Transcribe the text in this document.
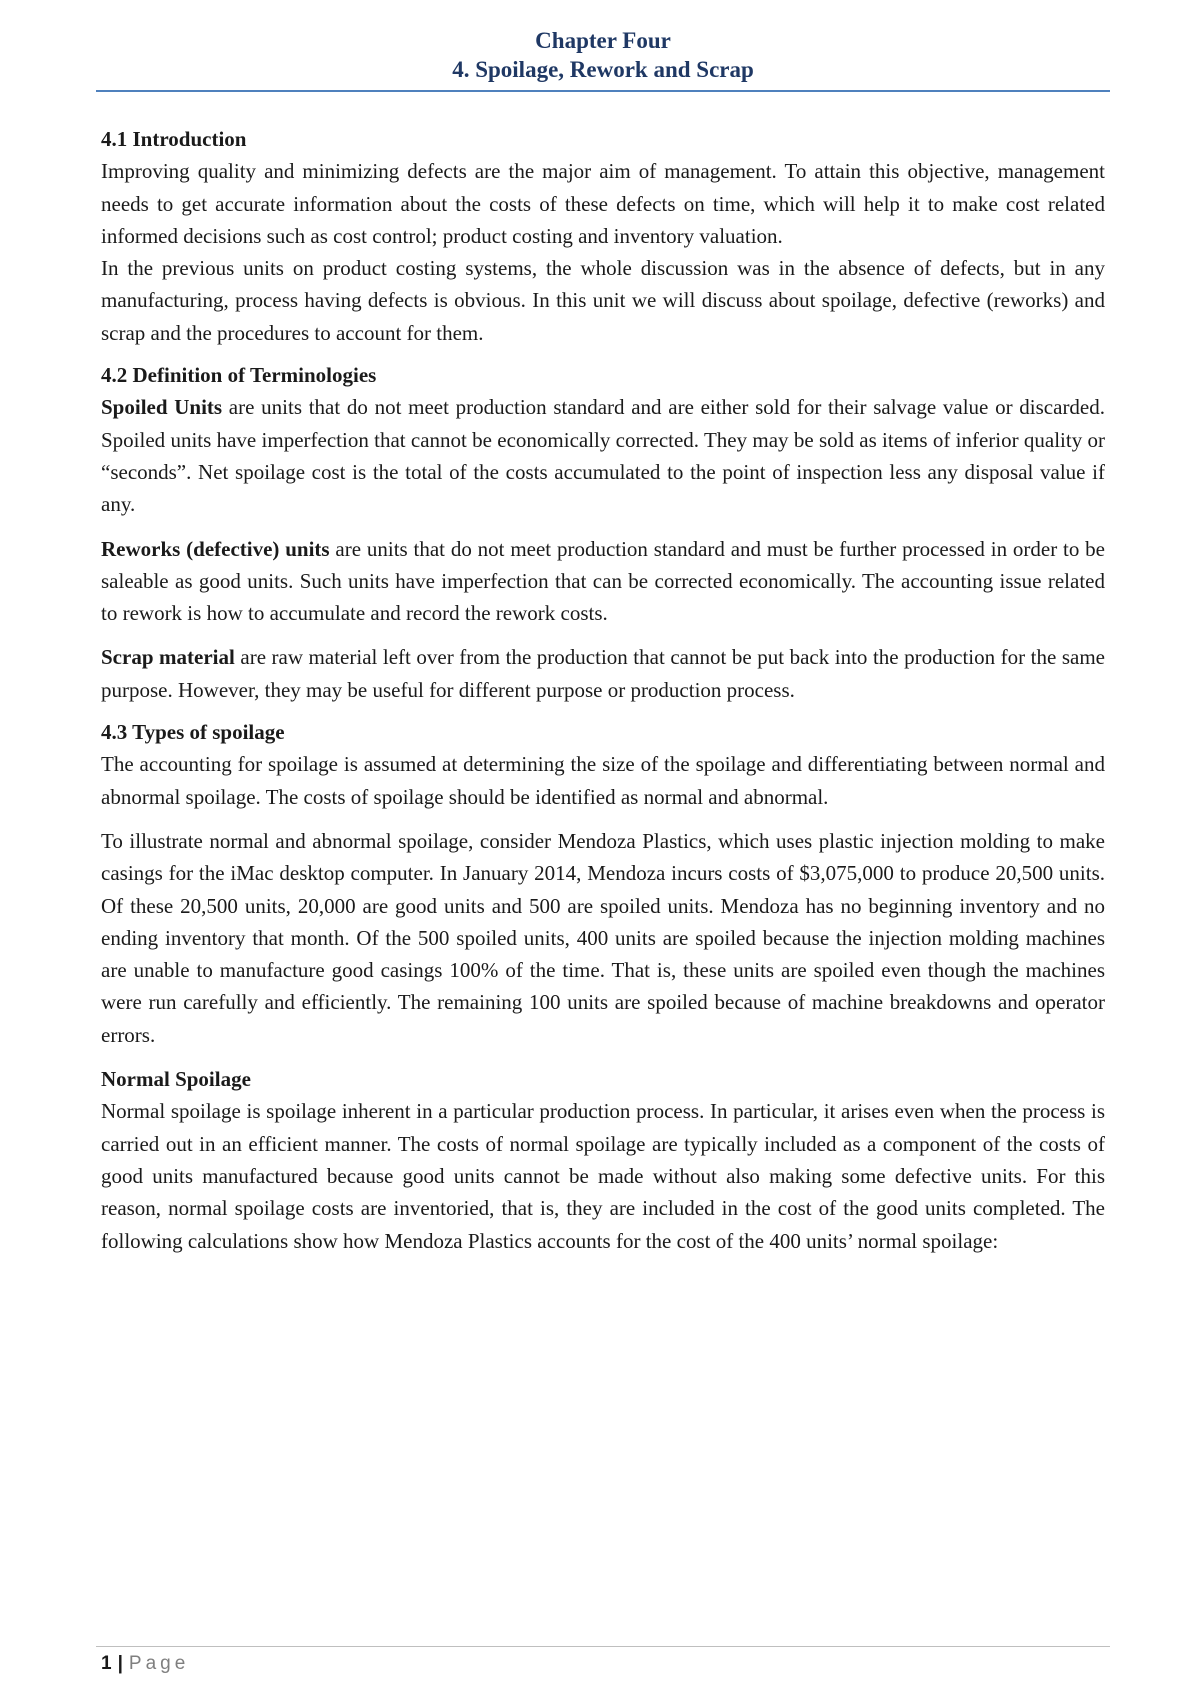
Chapter Four
4. Spoilage, Rework and Scrap
4.1 Introduction

Improving quality and minimizing defects are the major aim of management. To attain this objective, management needs to get accurate information about the costs of these defects on time, which will help it to make cost related informed decisions such as cost control; product costing and inventory valuation.

In the previous units on product costing systems, the whole discussion was in the absence of defects, but in any manufacturing, process having defects is obvious. In this unit we will discuss about spoilage, defective (reworks) and scrap and the procedures to account for them.

4.2 Definition of Terminologies

Spoiled Units are units that do not meet production standard and are either sold for their salvage value or discarded. Spoiled units have imperfection that cannot be economically corrected. They may be sold as items of inferior quality or “seconds”. Net spoilage cost is the total of the costs accumulated to the point of inspection less any disposal value if any.

Reworks (defective) units are units that do not meet production standard and must be further processed in order to be saleable as good units. Such units have imperfection that can be corrected economically. The accounting issue related to rework is how to accumulate and record the rework costs.

Scrap material are raw material left over from the production that cannot be put back into the production for the same purpose. However, they may be useful for different purpose or production process.

4.3 Types of spoilage

The accounting for spoilage is assumed at determining the size of the spoilage and differentiating between normal and abnormal spoilage. The costs of spoilage should be identified as normal and abnormal.

To illustrate normal and abnormal spoilage, consider Mendoza Plastics, which uses plastic injection molding to make casings for the iMac desktop computer. In January 2014, Mendoza incurs costs of $3,075,000 to produce 20,500 units. Of these 20,500 units, 20,000 are good units and 500 are spoiled units. Mendoza has no beginning inventory and no ending inventory that month. Of the 500 spoiled units, 400 units are spoiled because the injection molding machines are unable to manufacture good casings 100% of the time. That is, these units are spoiled even though the machines were run carefully and efficiently. The remaining 100 units are spoiled because of machine breakdowns and operator errors.

Normal Spoilage

Normal spoilage is spoilage inherent in a particular production process. In particular, it arises even when the process is carried out in an efficient manner. The costs of normal spoilage are typically included as a component of the costs of good units manufactured because good units cannot be made without also making some defective units. For this reason, normal spoilage costs are inventoried, that is, they are included in the cost of the good units completed. The following calculations show how Mendoza Plastics accounts for the cost of the 400 units’ normal spoilage:

1 | Page
